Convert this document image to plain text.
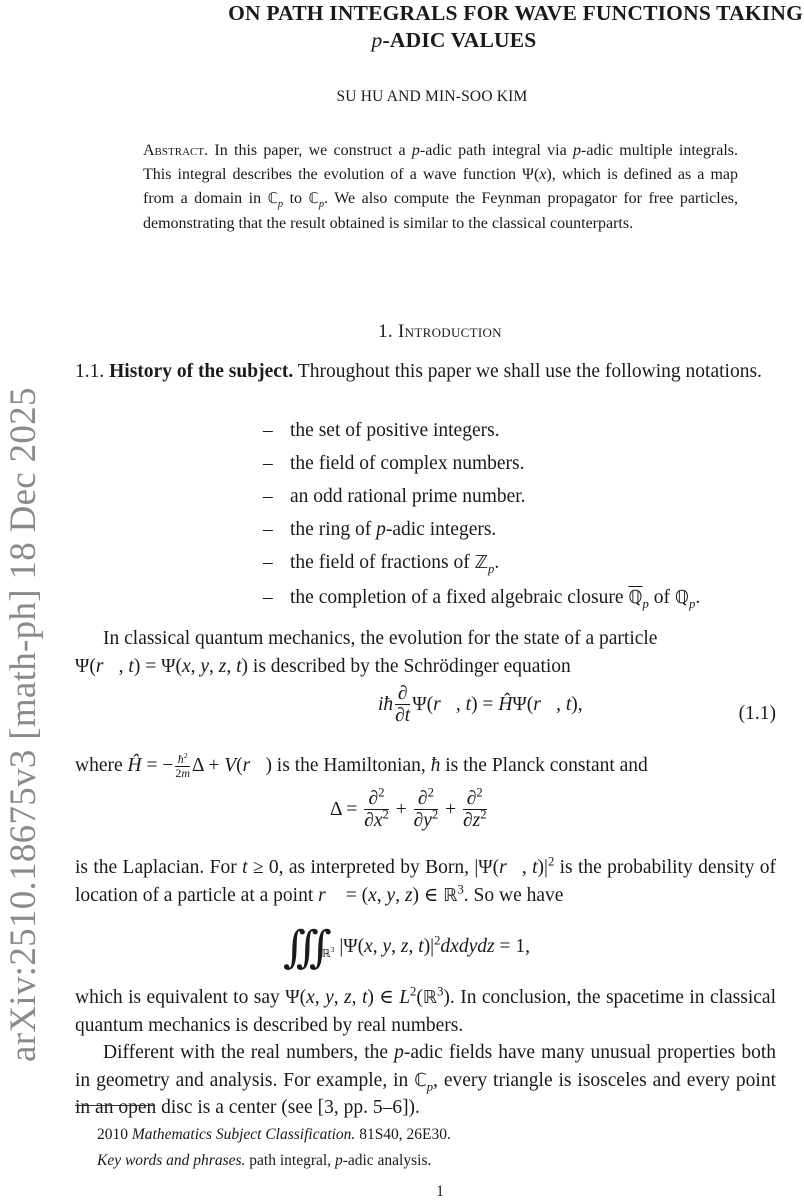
arXiv:2510.18675v3 [math-ph] 18 Dec 2025
ON PATH INTEGRALS FOR WAVE FUNCTIONS TAKING
p-ADIC VALUES
SU HU AND MIN-SOO KIM
Abstract. In this paper, we construct a p-adic path integral via p-adic multiple integrals. This integral describes the evolution of a wave function Ψ(x), which is defined as a map from a domain in ℂ$_p$ to ℂ$_p$. We also compute the Feynman propagator for free particles, demonstrating that the result obtained is similar to the classical counterparts.
1. Introduction
1.1. History of the subject. Throughout this paper we shall use the following notations.
– the set of positive integers.
– the field of complex numbers.
– an odd rational prime number.
– the ring of p-adic integers.
– the field of fractions of ℤ$_p$.
– the completion of a fixed algebraic closure ℚ$_p$ of ℚ$_p$.
In classical quantum mechanics, the evolution for the state of a particle
Ψ(r⃗, t) = Ψ(x, y, z, t) is described by the Schrödinger equation
iħ $\frac{\partial}{\partial t}$ Ψ(r⃗, t) = ĤΨ(r⃗, t),	(1.1)
where Ĥ = − $\frac{ħ^2}{2m}$ Δ + V(r⃗) is the Hamiltonian, ħ is the Planck constant and
$\Delta = \frac{\partial^2}{\partial x^2} + \frac{\partial^2}{\partial y^2} + \frac{\partial^2}{\partial z^2}$
is the Laplacian. For t ≥ 0, as interpreted by Born, |Ψ(r⃗, $t)|^2$ is the probability density of location of a particle at a point r⃗ = (x, y, z) ∈ ℝ$^3$. So we have
$\int\int\int_{ℝ^3}$ |Ψ(x, y, z, $t)|^2dxdydz = 1$,
which is equivalent to say Ψ(x, y, z, t) ∈ $L^2(ℝ^3)$. In conclusion, the spacetime in classical quantum mechanics is described by real numbers.
Different with the real numbers, the p-adic fields have many unusual properties both in geometry and analysis. For example, in ℂ$_p$, every triangle is isosceles and every point in an open disc is a center (see [3, pp. 5–6]).
2010 Mathematics Subject Classification. 81S40, 26E30.
Key words and phrases. path integral, p-adic analysis.
1
